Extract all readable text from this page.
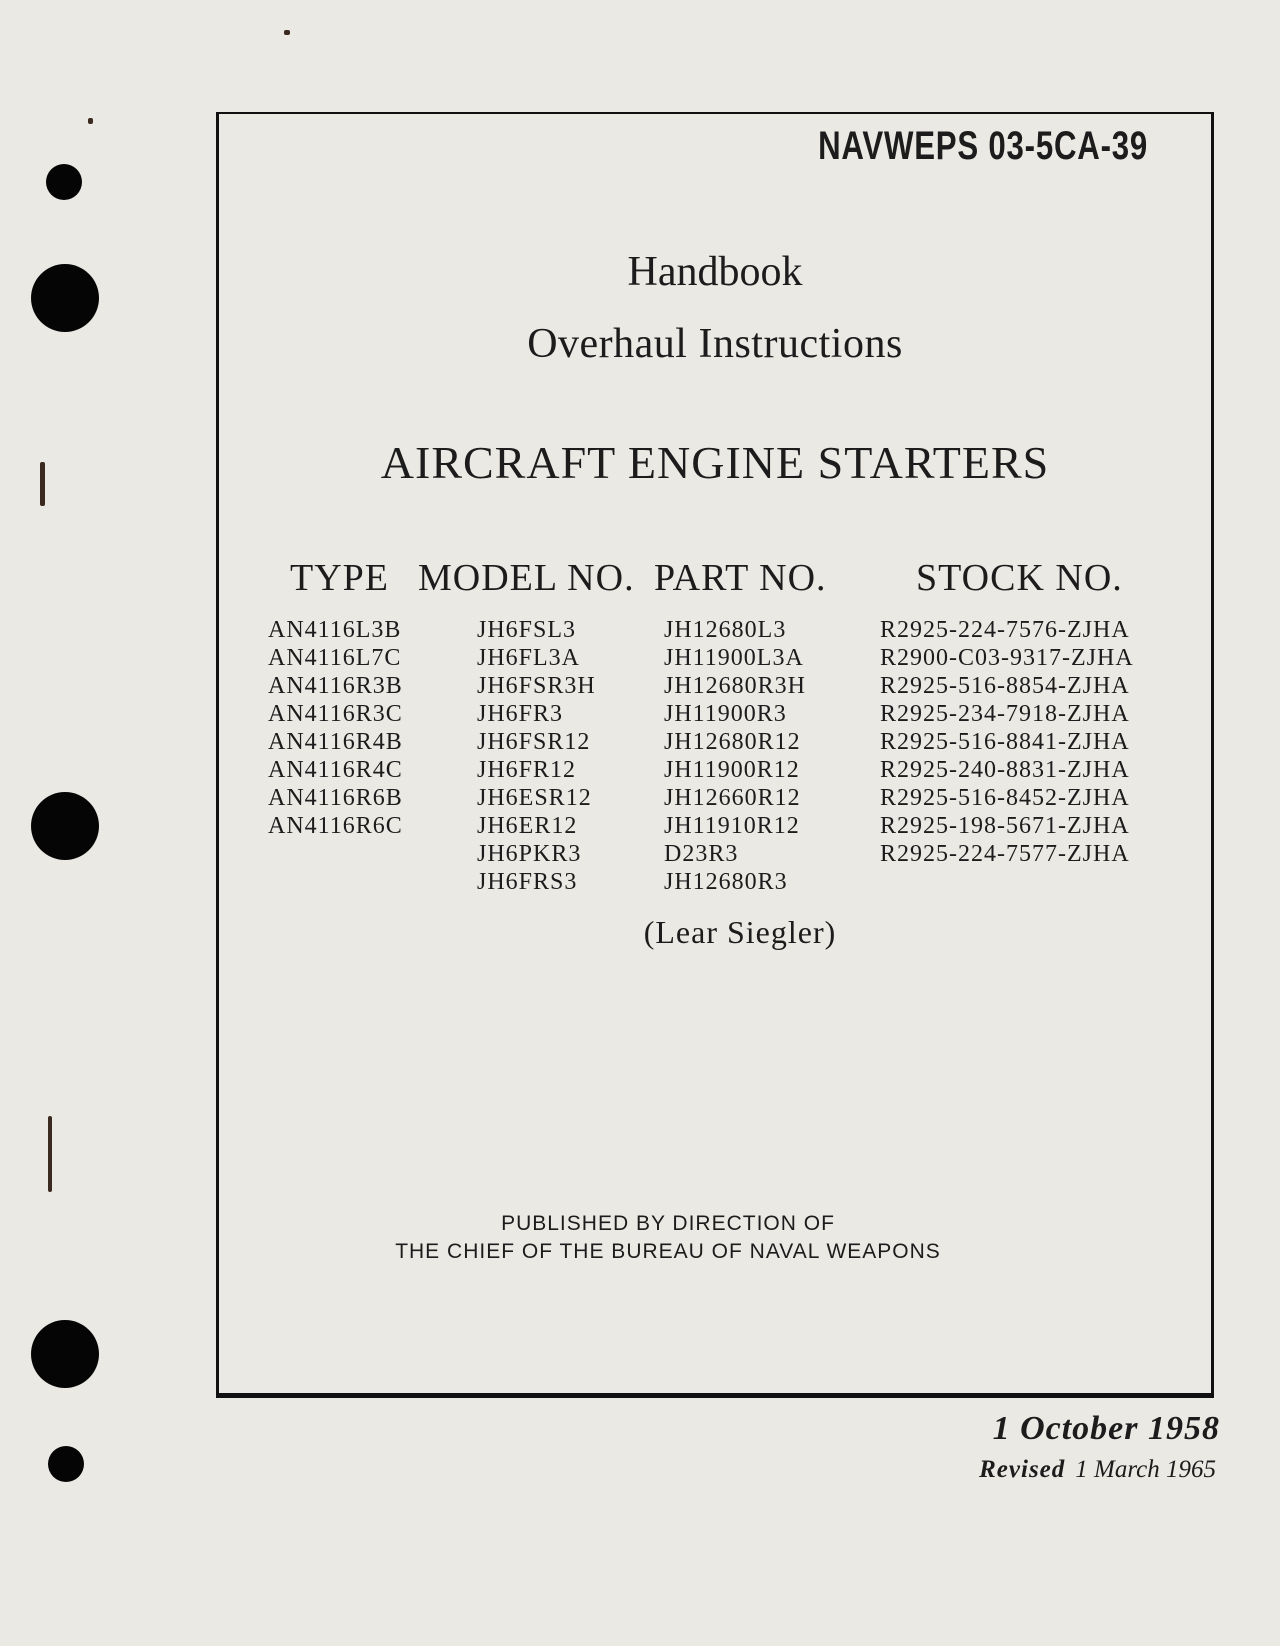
NAVWEPS 03-5CA-39
Handbook
Overhaul Instructions
AIRCRAFT ENGINE STARTERS
TYPE MODEL NO. PART NO. STOCK NO.
AN4116L3B
AN4116L7C
AN4116R3B
AN4116R3C
AN4116R4B
AN4116R4C
AN4116R6B
AN4116R6C
JH6FSL3
JH6FL3A
JH6FSR3H
JH6FR3
JH6FSR12
JH6FR12
JH6ESR12
JH6ER12
JH6PKR3
JH6FRS3
JH12680L3
JH11900L3A
JH12680R3H
JH11900R3
JH12680R12
JH11900R12
JH12660R12
JH11910R12
D23R3
JH12680R3
R2925-224-7576-ZJHA
R2900-C03-9317-ZJHA
R2925-516-8854-ZJHA
R2925-234-7918-ZJHA
R2925-516-8841-ZJHA
R2925-240-8831-ZJHA
R2925-516-8452-ZJHA
R2925-198-5671-ZJHA
R2925-224-7577-ZJHA
(Lear Siegler)
PUBLISHED BY DIRECTION OF
THE CHIEF OF THE BUREAU OF NAVAL WEAPONS
1 October 1958
Revised 1 March 1965
